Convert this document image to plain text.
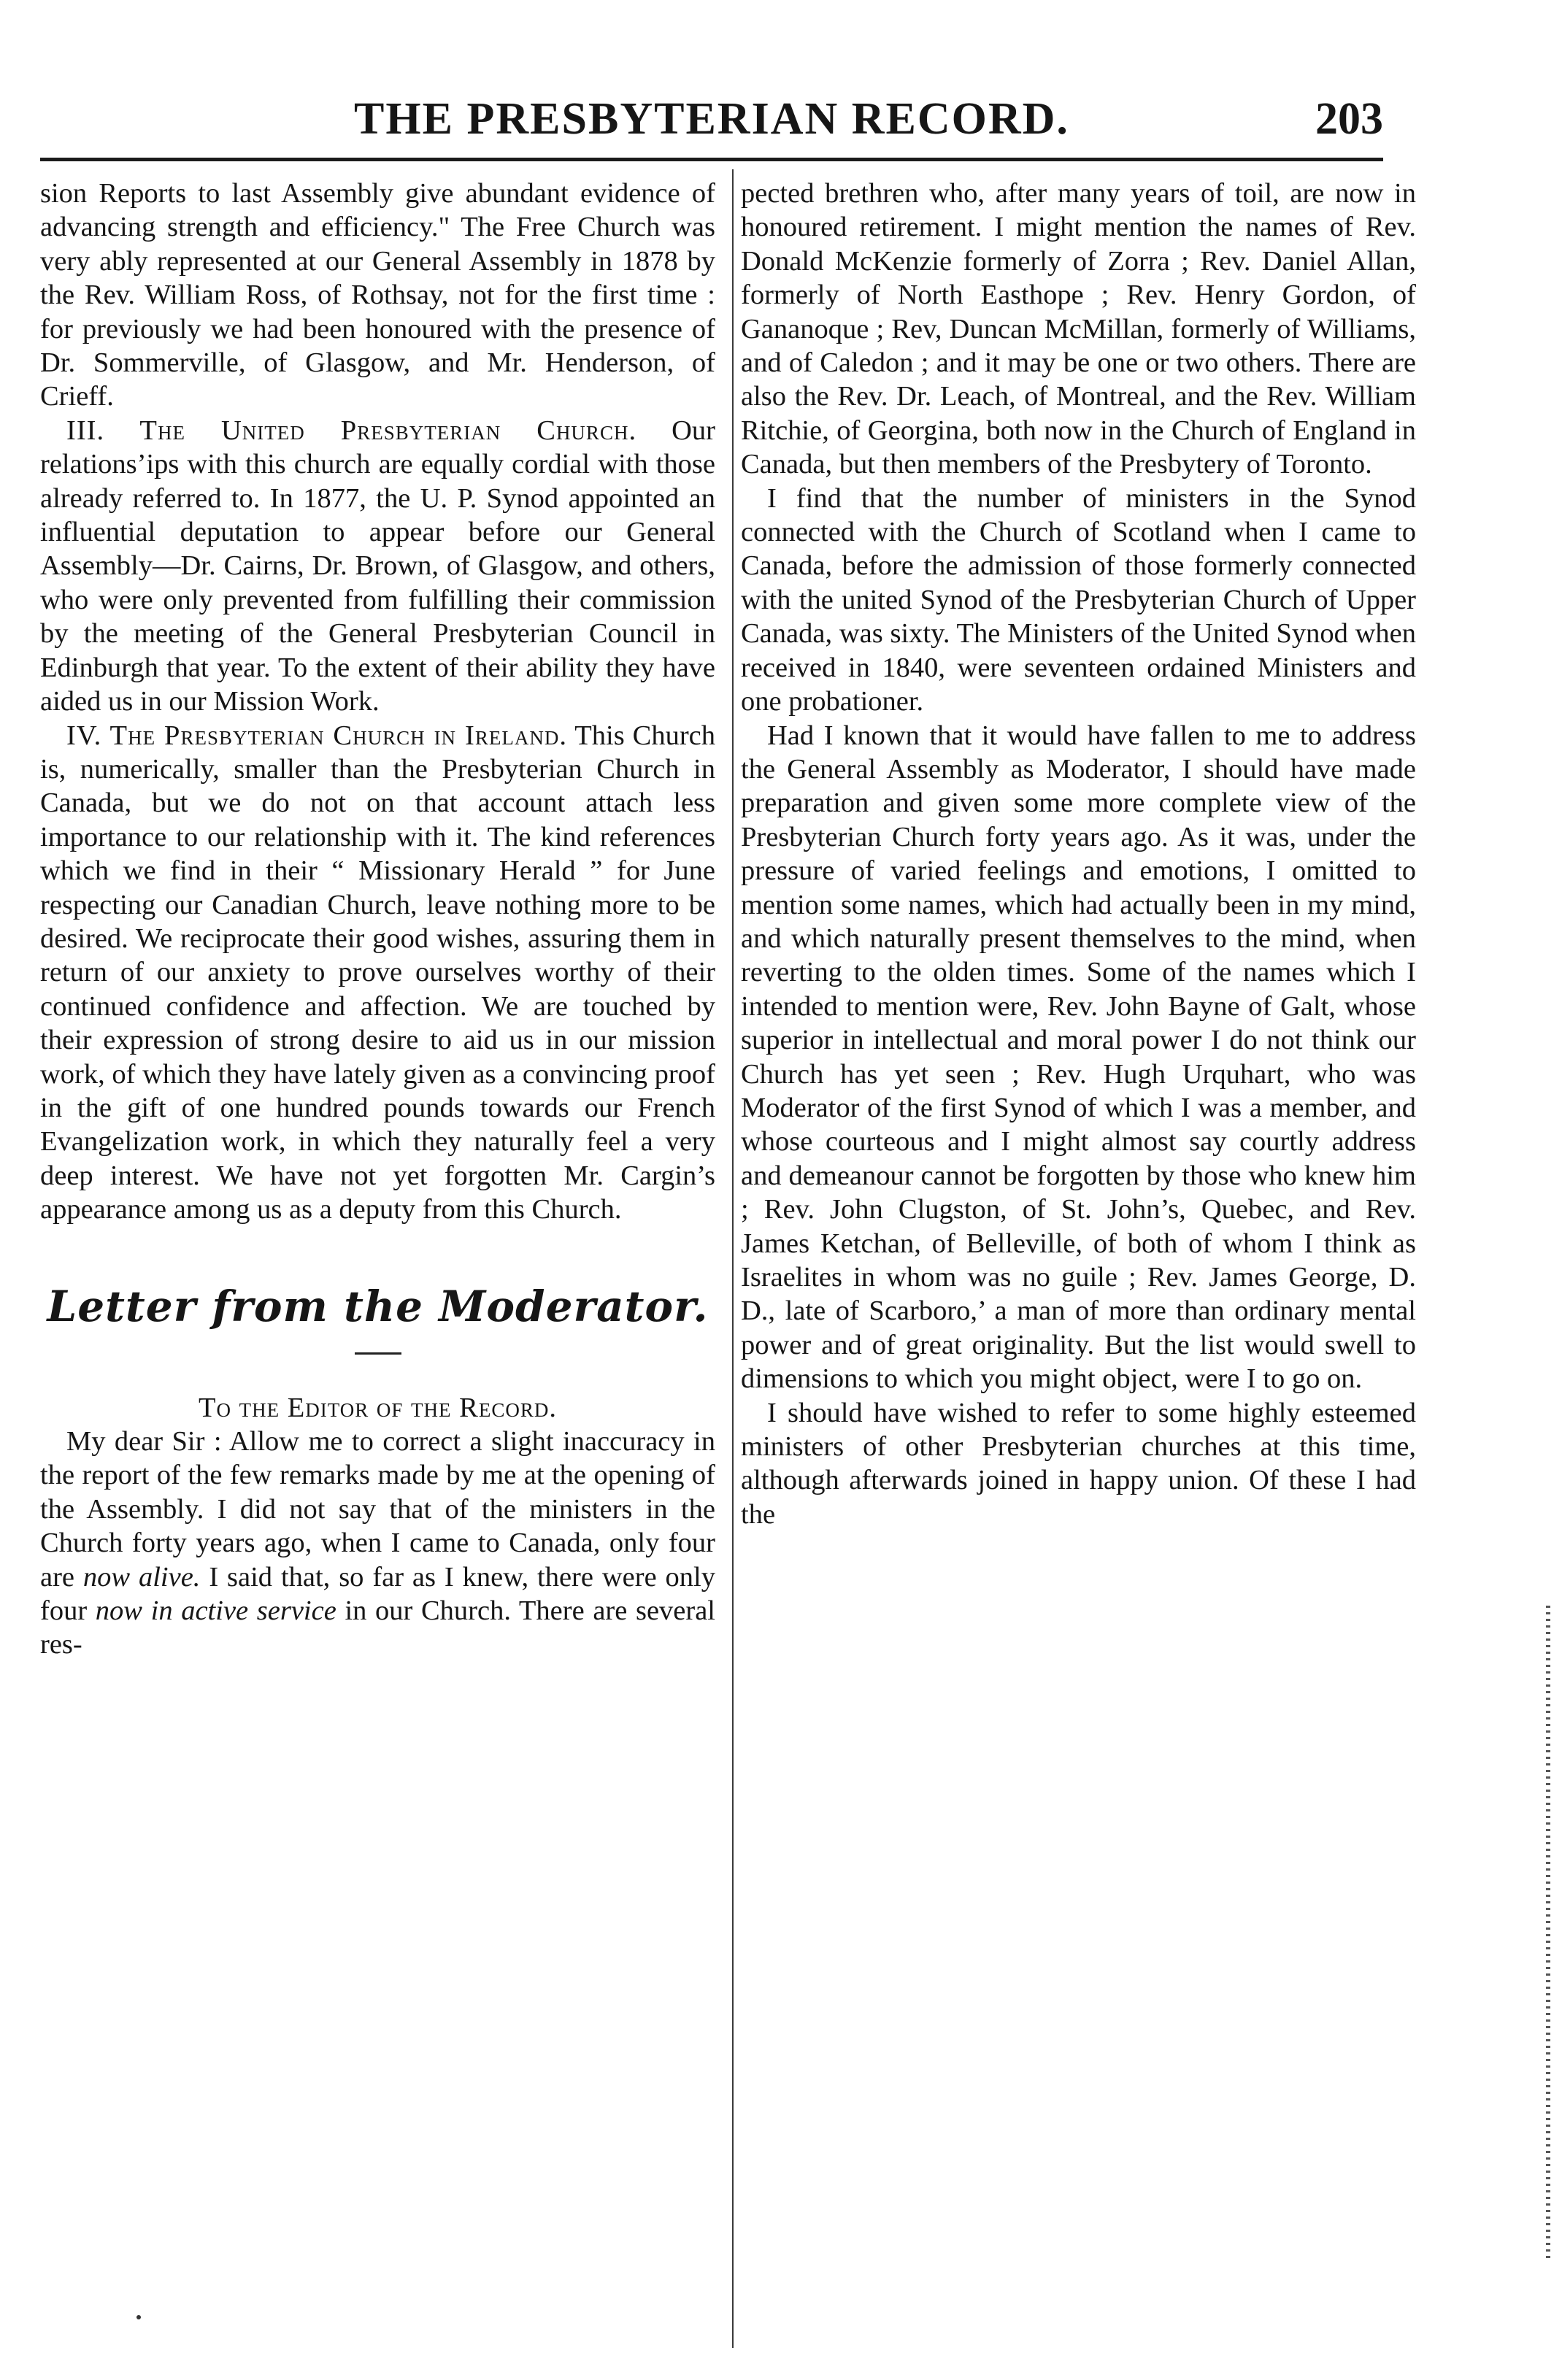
THE PRESBYTERIAN RECORD.	203

sion Reports to last Assembly give abundant evidence of advancing strength and efficiency." The Free Church was very ably represented at our General Assembly in 1878 by the Rev. William Ross, of Rothsay, not for the first time : for previously we had been honoured with the presence of Dr. Sommerville, of Glasgow, and Mr. Henderson, of Crieff.

III. The United Presbyterian Church. Our relations’ips with this church are equally cordial with those already referred to. In 1877, the U. P. Synod appointed an influential deputation to appear before our General Assembly—Dr. Cairns, Dr. Brown, of Glasgow, and others, who were only prevented from fulfilling their commission by the meeting of the General Presbyterian Council in Edinburgh that year. To the extent of their ability they have aided us in our Mission Work.

IV. The Presbyterian Church in Ireland. This Church is, numerically, smaller than the Presbyterian Church in Canada, but we do not on that account attach less importance to our relationship with it. The kind references which we find in their “ Missionary Herald ” for June respecting our Canadian Church, leave nothing more to be desired. We reciprocate their good wishes, assuring them in return of our anxiety to prove ourselves worthy of their continued confidence and affection. We are touched by their expression of strong desire to aid us in our mission work, of which they have lately given as a convincing proof in the gift of one hundred pounds towards our French Evangelization work, in which they naturally feel a very deep interest. We have not yet forgotten Mr. Cargin’s appearance among us as a deputy from this Church.

Letter from the Moderator.

To the Editor of the Record.

My dear Sir : Allow me to correct a slight inaccuracy in the report of the few remarks made by me at the opening of the Assembly. I did not say that of the ministers in the Church forty years ago, when I came to Canada, only four are now alive. I said that, so far as I knew, there were only four now in active service in our Church. There are several res-

pected brethren who, after many years of toil, are now in honoured retirement. I might mention the names of Rev. Donald McKenzie formerly of Zorra ; Rev. Daniel Allan, formerly of North Easthope ; Rev. Henry Gordon, of Gananoque ; Rev, Duncan McMillan, formerly of Williams, and of Caledon ; and it may be one or two others. There are also the Rev. Dr. Leach, of Montreal, and the Rev. William Ritchie, of Georgina, both now in the Church of England in Canada, but then members of the Presbytery of Toronto.

I find that the number of ministers in the Synod connected with the Church of Scotland when I came to Canada, before the admission of those formerly connected with the united Synod of the Presbyterian Church of Upper Canada, was sixty. The Ministers of the United Synod when received in 1840, were seventeen ordained Ministers and one probationer.

Had I known that it would have fallen to me to address the General Assembly as Moderator, I should have made preparation and given some more complete view of the Presbyterian Church forty years ago. As it was, under the pressure of varied feelings and emotions, I omitted to mention some names, which had actually been in my mind, and which naturally present themselves to the mind, when reverting to the olden times. Some of the names which I intended to mention were, Rev. John Bayne of Galt, whose superior in intellectual and moral power I do not think our Church has yet seen ; Rev. Hugh Urquhart, who was Moderator of the first Synod of which I was a member, and whose courteous and I might almost say courtly address and demeanour cannot be forgotten by those who knew him ; Rev. John Clugston, of St. John’s, Quebec, and Rev. James Ketchan, of Belleville, of both of whom I think as Israelites in whom was no guile ; Rev. James George, D. D., late of Scarboro,’ a man of more than ordinary mental power and of great originality. But the list would swell to dimensions to which you might object, were I to go on.

I should have wished to refer to some highly esteemed ministers of other Presbyterian churches at this time, although afterwards joined in happy union. Of these I had the
